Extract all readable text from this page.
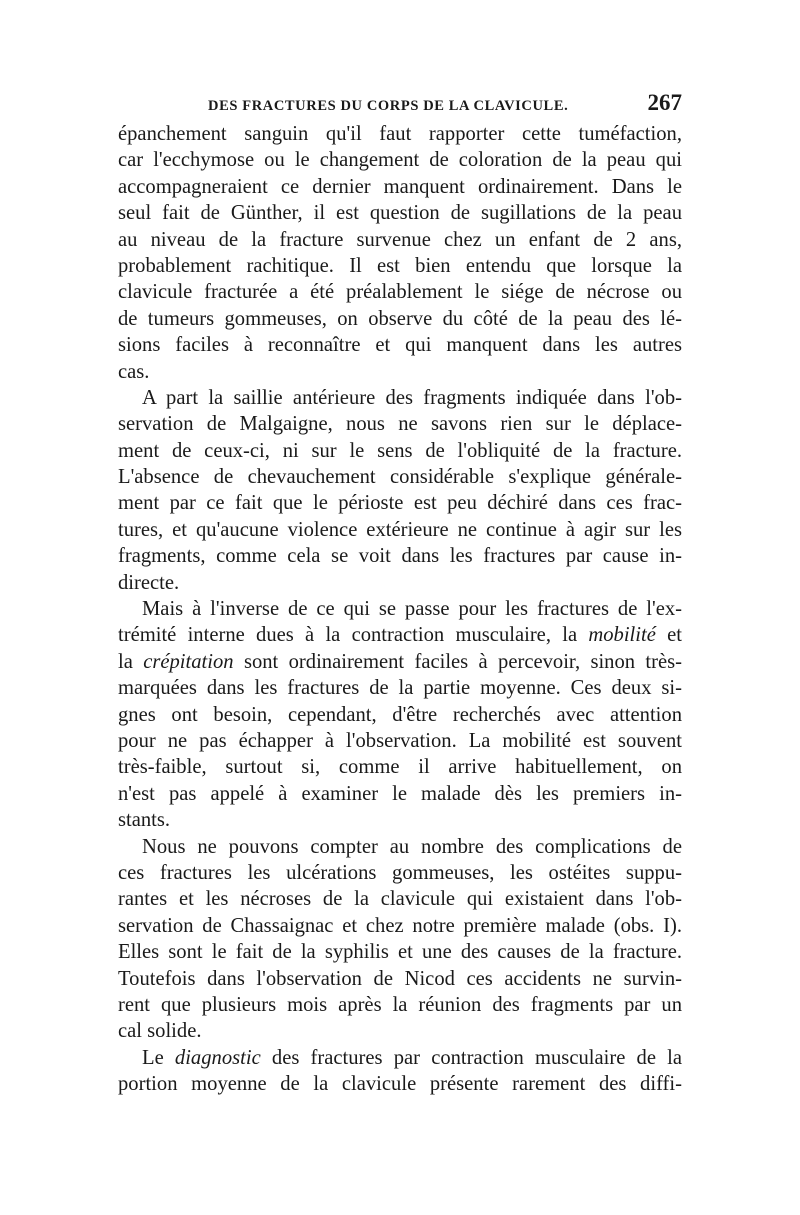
DES FRACTURES DU CORPS DE LA CLAVICULE.	267
épanchement sanguin qu'il faut rapporter cette tuméfaction,
car l'ecchymose ou le changement de coloration de la peau qui
accompagneraient ce dernier manquent ordinairement. Dans le
seul fait de Günther, il est question de sugillations de la peau
au niveau de la fracture survenue chez un enfant de 2 ans,
probablement rachitique. Il est bien entendu que lorsque la
clavicule fracturée a été préalablement le siége de nécrose ou
de tumeurs gommeuses, on observe du côté de la peau des lé-
sions faciles à reconnaître et qui manquent dans les autres
cas.
A part la saillie antérieure des fragments indiquée dans l'ob-
servation de Malgaigne, nous ne savons rien sur le déplace-
ment de ceux-ci, ni sur le sens de l'obliquité de la fracture.
L'absence de chevauchement considérable s'explique générale-
ment par ce fait que le périoste est peu déchiré dans ces frac-
tures, et qu'aucune violence extérieure ne continue à agir sur les
fragments, comme cela se voit dans les fractures par cause in-
directe.
Mais à l'inverse de ce qui se passe pour les fractures de l'ex-
trémité interne dues à la contraction musculaire, la mobilité et
la crépitation sont ordinairement faciles à percevoir, sinon très-
marquées dans les fractures de la partie moyenne. Ces deux si-
gnes ont besoin, cependant, d'être recherchés avec attention
pour ne pas échapper à l'observation. La mobilité est souvent
très-faible, surtout si, comme il arrive habituellement, on
n'est pas appelé à examiner le malade dès les premiers in-
stants.
Nous ne pouvons compter au nombre des complications de
ces fractures les ulcérations gommeuses, les ostéites suppu-
rantes et les nécroses de la clavicule qui existaient dans l'ob-
servation de Chassaignac et chez notre première malade (obs. I).
Elles sont le fait de la syphilis et une des causes de la fracture.
Toutefois dans l'observation de Nicod ces accidents ne survin-
rent que plusieurs mois après la réunion des fragments par un
cal solide.
Le diagnostic des fractures par contraction musculaire de la
portion moyenne de la clavicule présente rarement des diffi-
